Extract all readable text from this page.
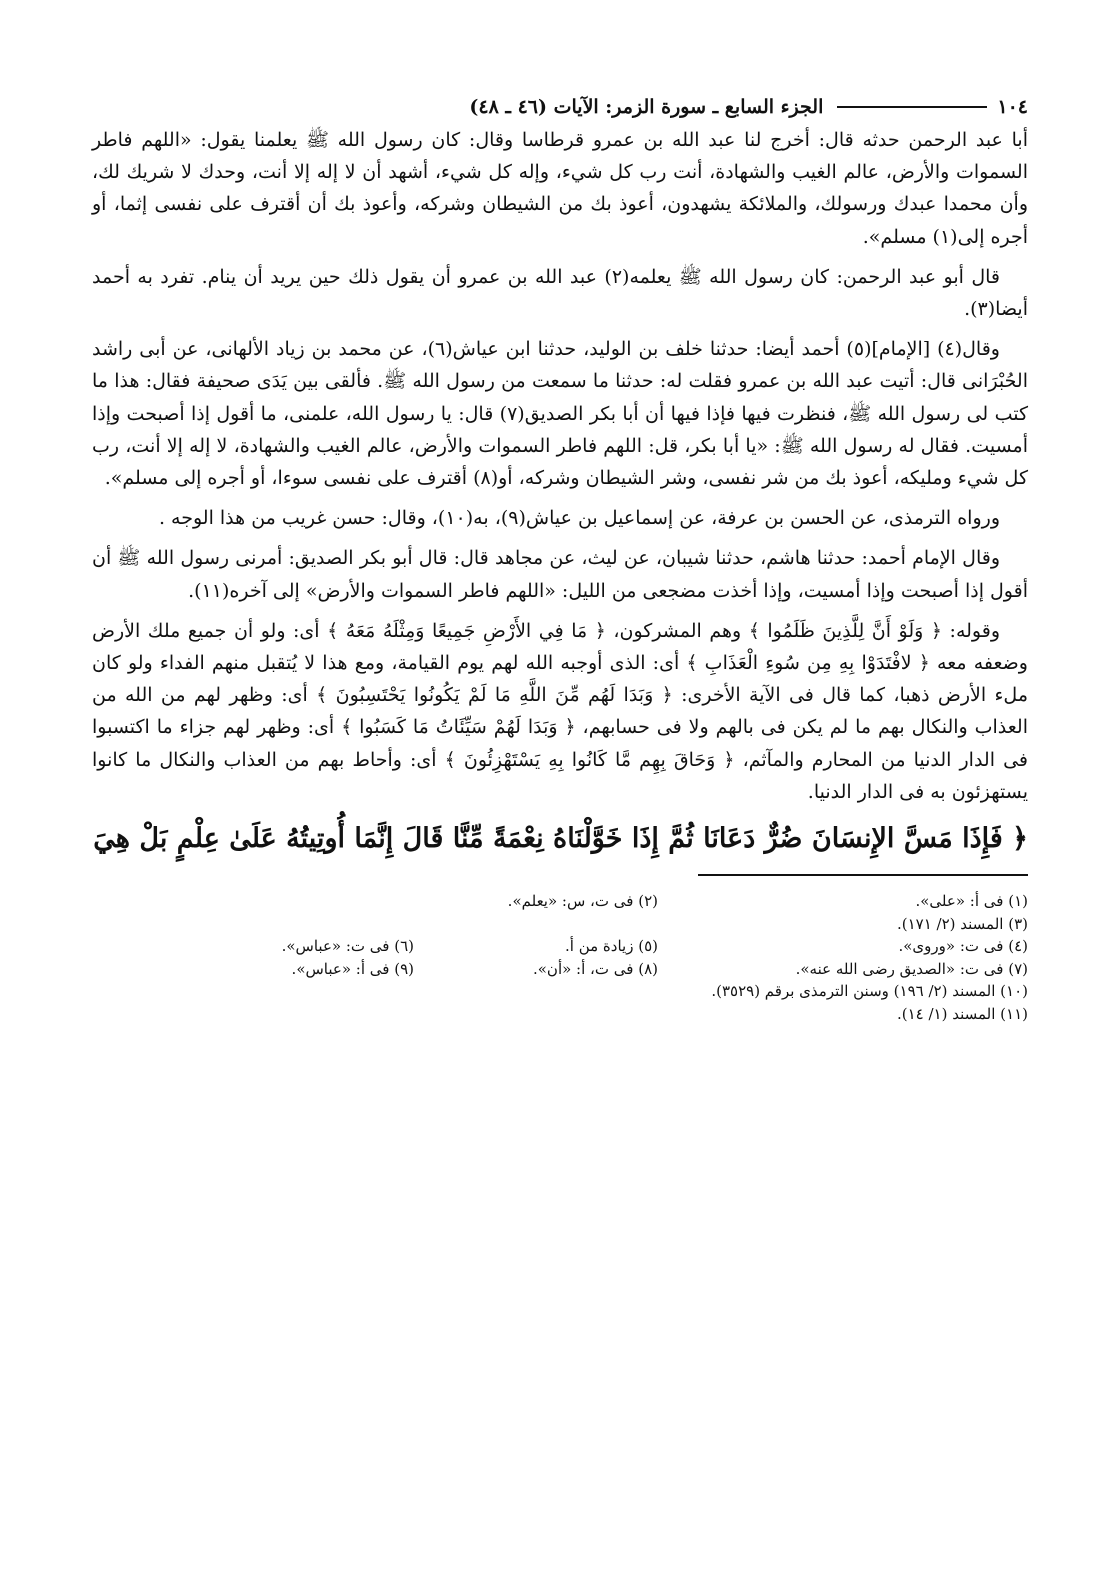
١٠٤
الجزء السابع ـ سورة الزمر: الآيات (٤٦ ـ ٤٨)

أبا عبد الرحمن حدثه قال: أخرج لنا عبد الله بن عمرو قرطاسا وقال: كان رسول الله ﷺ يعلمنا يقول: «اللهم فاطر السموات والأرض، عالم الغيب والشهادة، أنت رب كل شيء، وإله كل شيء، أشهد أن لا إله إلا أنت، وحدك لا شريك لك، وأن محمدا عبدك ورسولك، والملائكة يشهدون، أعوذ بك من الشيطان وشركه، وأعوذ بك أن أقترف على نفسى إثما، أو أجره إلى(١) مسلم».

قال أبو عبد الرحمن: كان رسول الله ﷺ يعلمه(٢) عبد الله بن عمرو أن يقول ذلك حين يريد أن ينام. تفرد به أحمد أيضا(٣).

وقال(٤) [الإمام](٥) أحمد أيضا: حدثنا خلف بن الوليد، حدثنا ابن عياش(٦)، عن محمد بن زياد الألهانى، عن أبى راشد الحُبْرَانى قال: أتيت عبد الله بن عمرو فقلت له: حدثنا ما سمعت من رسول الله ﷺ. فألقى بين يَدَى صحيفة فقال: هذا ما كتب لى رسول الله ﷺ، فنظرت فيها فإذا فيها أن أبا بكر الصديق(٧) قال: يا رسول الله، علمنى، ما أقول إذا أصبحت وإذا أمسيت. فقال له رسول الله ﷺ: «يا أبا بكر، قل: اللهم فاطر السموات والأرض، عالم الغيب والشهادة، لا إله إلا أنت، رب كل شيء ومليكه، أعوذ بك من شر نفسى، وشر الشيطان وشركه، أو(٨) أقترف على نفسى سوءا، أو أجره إلى مسلم».

ورواه الترمذى، عن الحسن بن عرفة، عن إسماعيل بن عياش(٩)، به(١٠)، وقال: حسن غريب من هذا الوجه .

وقال الإمام أحمد: حدثنا هاشم، حدثنا شيبان، عن ليث، عن مجاهد قال: قال أبو بكر الصديق: أمرنى رسول الله ﷺ أن أقول إذا أصبحت وإذا أمسيت، وإذا أخذت مضجعى من الليل: «اللهم فاطر السموات والأرض» إلى آخره(١١).

وقوله: ﴿ وَلَوْ أَنَّ لِلَّذِينَ ظَلَمُوا ﴾ وهم المشركون، ﴿ مَا فِي الأَرْضِ جَمِيعًا وَمِثْلَهُ مَعَهُ ﴾ أى: ولو أن جميع ملك الأرض وضعفه معه ﴿ لافْتَدَوْا بِهِ مِن سُوءِ الْعَذَابِ ﴾ أى: الذى أوجبه الله لهم يوم القيامة، ومع هذا لا يُتقبل منهم الفداء ولو كان ملء الأرض ذهبا، كما قال فى الآية الأخرى: ﴿ وَبَدَا لَهُم مِّنَ اللَّهِ مَا لَمْ يَكُونُوا يَحْتَسِبُونَ ﴾ أى: وظهر لهم من الله من العذاب والنكال بهم ما لم يكن فى بالهم ولا فى حسابهم، ﴿ وَبَدَا لَهُمْ سَيِّئَاتُ مَا كَسَبُوا ﴾ أى: وظهر لهم جزاء ما اكتسبوا فى الدار الدنيا من المحارم والمآثم، ﴿ وَحَاقَ بِهِم مَّا كَانُوا بِهِ يَسْتَهْزِئُونَ ﴾ أى: وأحاط بهم من العذاب والنكال ما كانوا يستهزئون به فى الدار الدنيا.

﴿ فَإِذَا مَسَّ الإِنسَانَ ضُرٌّ دَعَانَا ثُمَّ إِذَا خَوَّلْنَاهُ نِعْمَةً مِّنَّا قَالَ إِنَّمَا أُوتِيتُهُ عَلَىٰ عِلْمٍ بَلْ هِيَ
(١) فى أ: «على».
(٢) فى ت، س: «يعلم».
(٣) المسند (٢/ ١٧١).
(٤) فى ت: «وروى».
(٥) زيادة من أ.
(٦) فى ت: «عباس».
(٧) فى ت: «الصديق رضى الله عنه».
(٨) فى ت، أ: «أن».
(٩) فى أ: «عباس».
(١٠) المسند (٢/ ١٩٦) وسنن الترمذى برقم (٣٥٢٩).
(١١) المسند (١/ ١٤).
